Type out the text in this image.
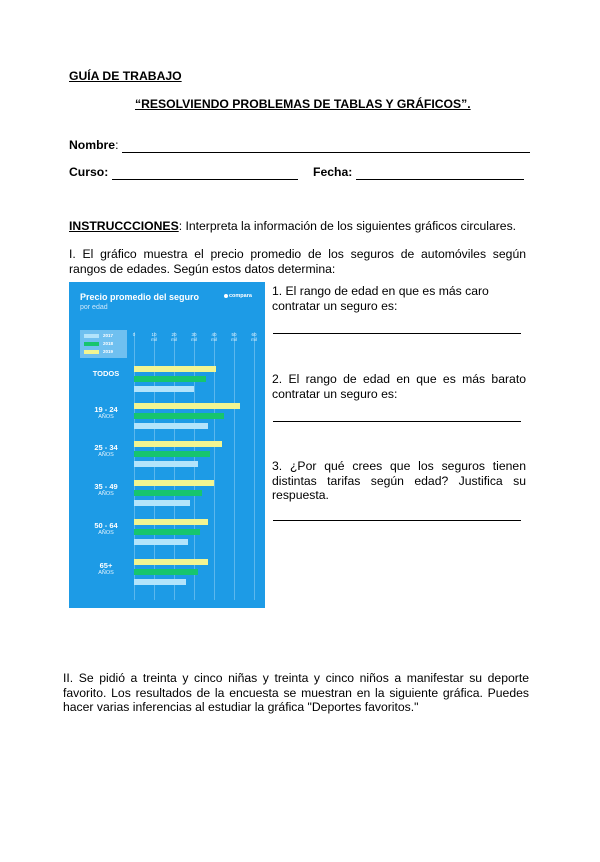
GUÍA DE TRABAJO
“RESOLVIENDO PROBLEMAS DE TABLAS Y GRÁFICOS”.
Nombre:
Curso:	Fecha:
INSTRUCCCIONES: Interpreta la información de los siguientes gráficos circulares.
I. El gráfico muestra el precio promedio de los seguros de automóviles según rangos de edades. Según estos datos determina:
Precio promedio del seguro
por edad
compara
2017
2018
2019
0	10
mil
20
mil
30
mil
40
mil
50
mil
60
mil
TODOS
19 - 24
AÑOS
25 - 34
AÑOS
35 - 49
AÑOS
50 - 64
AÑOS
65+
AÑOS
1. El rango de edad en que es más caro contratar un seguro es:
2. El rango de edad en que es más barato contratar un seguro es:
3. ¿Por qué crees que los seguros tienen distintas tarifas según edad? Justifica su respuesta.
II. Se pidió a treinta y cinco niñas y treinta y cinco niños a manifestar su deporte favorito. Los resultados de la encuesta se muestran en la siguiente gráfica. Puedes hacer varias inferencias al estudiar la gráfica "Deportes favoritos."
